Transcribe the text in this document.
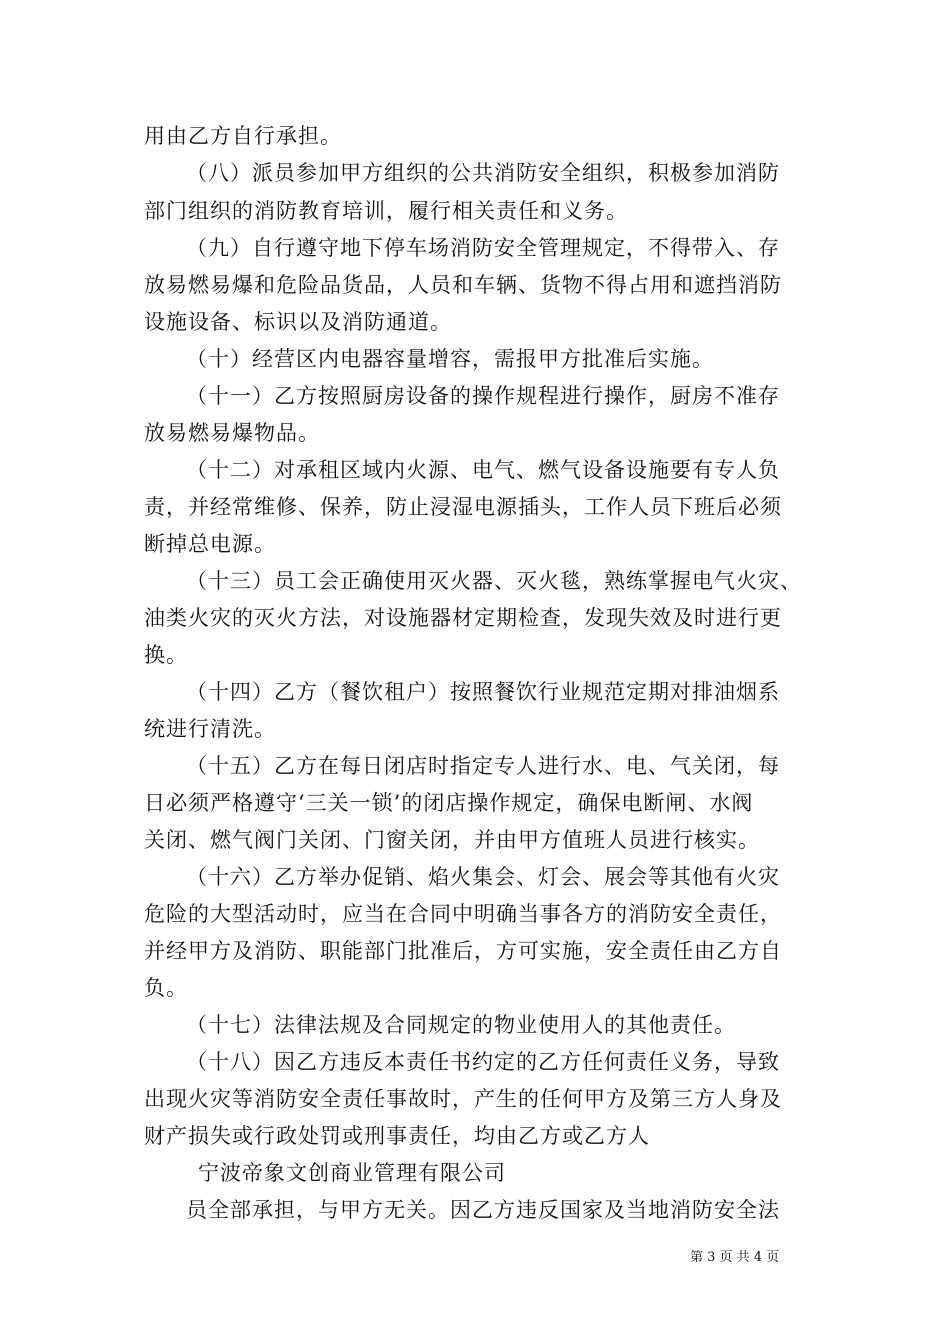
用由乙方自行承担。
（八）派员参加甲方组织的公共消防安全组织，积极参加消防
部门组织的消防教育培训，履行相关责任和义务。
（九）自行遵守地下停车场消防安全管理规定，不得带入、存
放易燃易爆和危险品货品，人员和车辆、货物不得占用和遮挡消防
设施设备、标识以及消防通道。
（十）经营区内电器容量增容，需报甲方批准后实施。
（十一）乙方按照厨房设备的操作规程进行操作，厨房不准存
放易燃易爆物品。
（十二）对承租区域内火源、电气、燃气设备设施要有专人负
责，并经常维修、保养，防止浸湿电源插头，工作人员下班后必须
断掉总电源。
（十三）员工会正确使用灭火器、灭火毯，熟练掌握电气火灾、
油类火灾的灭火方法，对设施器材定期检查，发现失效及时进行更
换。
（十四）乙方（餐饮租户）按照餐饮行业规范定期对排油烟系
统进行清洗。
（十五）乙方在每日闭店时指定专人进行水、电、气关闭，每
日必须严格遵守‘三关一锁’的闭店操作规定，确保电断闸、水阀
关闭、燃气阀门关闭、门窗关闭，并由甲方值班人员进行核实。
（十六）乙方举办促销、焰火集会、灯会、展会等其他有火灾
危险的大型活动时，应当在合同中明确当事各方的消防安全责任，
并经甲方及消防、职能部门批准后，方可实施，安全责任由乙方自
负。
（十七）法律法规及合同规定的物业使用人的其他责任。
（十八）因乙方违反本责任书约定的乙方任何责任义务，导致
出现火灾等消防安全责任事故时，产生的任何甲方及第三方人身及
财产损失或行政处罚或刑事责任，均由乙方或乙方人
宁波帝象文创商业管理有限公司
员全部承担，与甲方无关。因乙方违反国家及当地消防安全法
第 3 页 共 4 页
